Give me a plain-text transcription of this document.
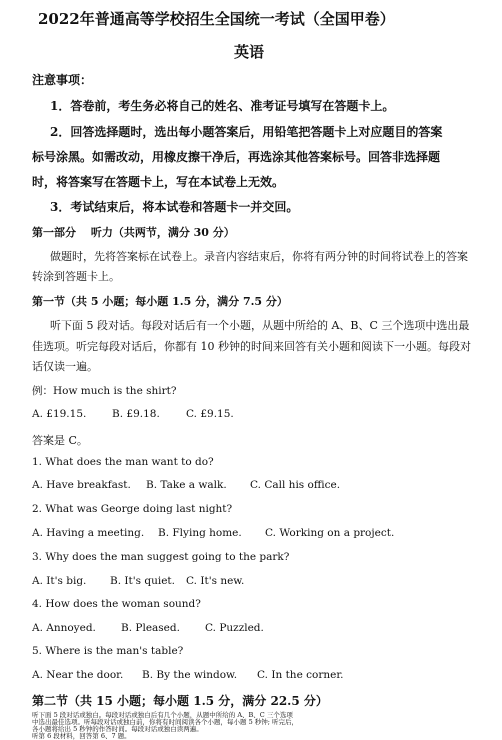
2022年普通高等学校招生全国统一考试（全国甲卷）
英语
注意事项：
1．答卷前，考生务必将自己的姓名、准考证号填写在答题卡上。
2．回答选择题时，选出每小题答案后，用铅笔把答题卡上对应题目的答案
标号涂黑。如需改动，用橡皮擦干净后，再选涂其他答案标号。回答非选择题
时，将答案写在答题卡上，写在本试卷上无效。
3．考试结束后，将本试卷和答题卡一并交回。
第一部分　 听力（共两节，满分 30 分）
做题时，先将答案标在试卷上。录音内容结束后，你将有两分钟的时间将试卷上的答案
转涂到答题卡上。
第一节（共 5 小题；每小题 1.5 分，满分 7.5 分）
听下面 5 段对话。每段对话后有一个小题，从题中所给的 A、B、C 三个选项中选出最
佳选项。听完每段对话后，你都有 10 秒钟的时间来回答有关小题和阅读下一小题。每段对
话仅读一遍。
例：How much is the shirt?
A. £19.15. B. £9.18. C. £9.15.
答案是 C。
1. What does the man want to do?
A. Have breakfast. B. Take a walk. C. Call his office.
2. What was George doing last night?
A. Having a meeting. B. Flying home. C. Working on a project.
3. Why does the man suggest going to the park?
A. It's big. B. It's quiet. C. It's new.
4. How does the woman sound?
A. Annoyed. B. Pleased. C. Puzzled.
5. Where is the man's table?
A. Near the door. B. By the window. C. In the corner.
第二节（共 15 小题；每小题 1.5 分，满分 22.5 分）
听下面 5 段对话或独白。每段对话或独白后有几个小题，从题中所给的 A、B、C 三个选项
中选出最佳选项。听每段对话或独白前，你将有时间阅读各个小题，每小题 5 秒钟; 听完后，
各小题将给出 5 秒钟的作答时间。每段对话或独白读两遍。
听第 6 段材料，回答第 6、7 题。
